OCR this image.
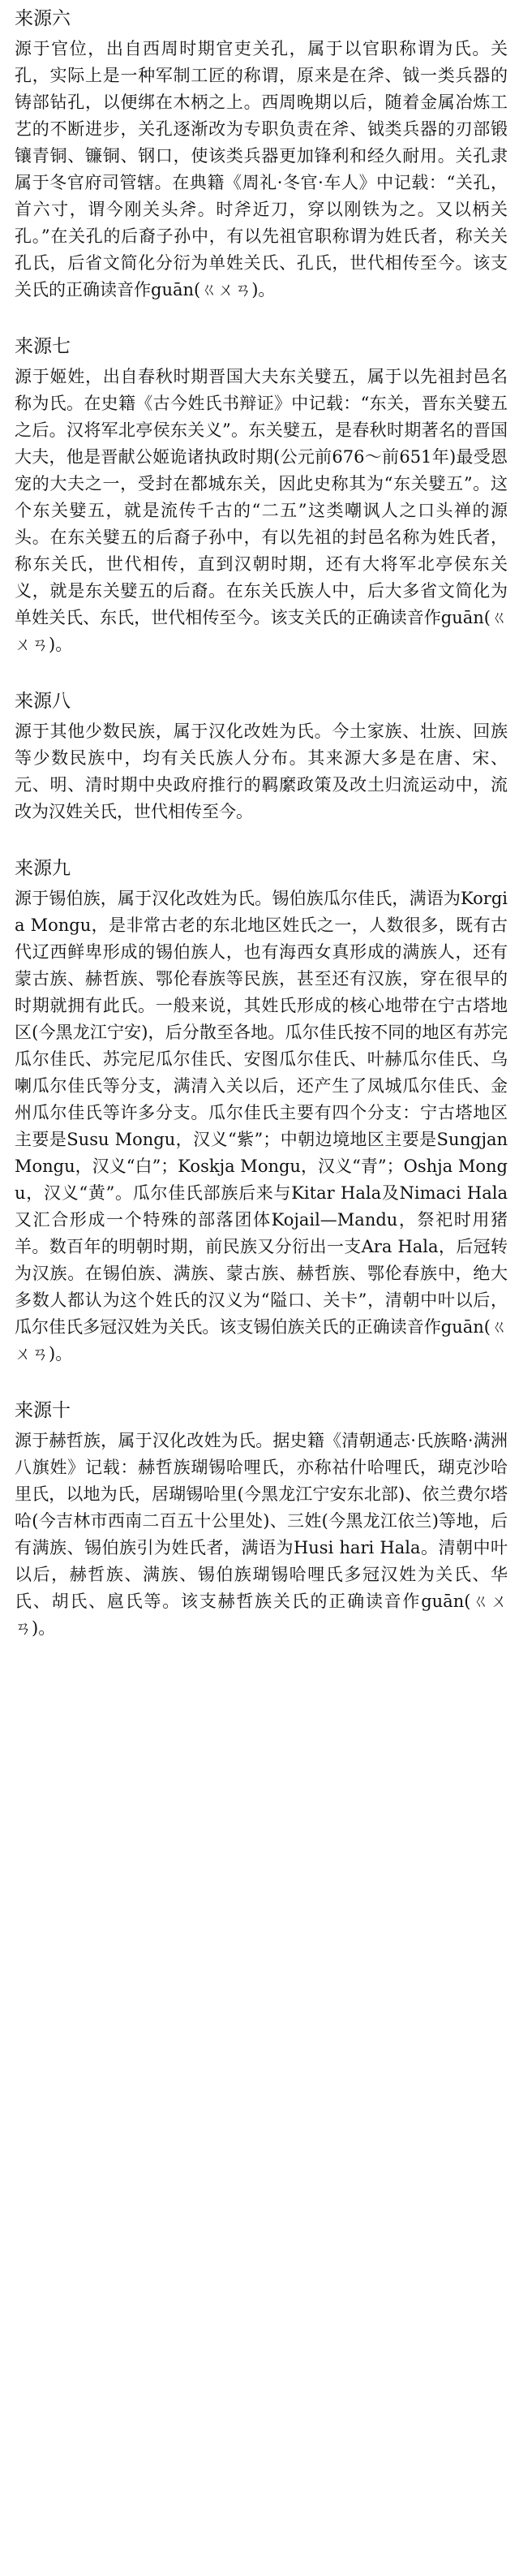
来源六

源于官位，出自西周时期官吏关孔，属于以官职称谓为氏。关孔，实际上是一种军制工匠的称谓，原来是在斧、钺一类兵器的铸部钻孔，以便绑在木柄之上。西周晚期以后，随着金属冶炼工艺的不断进步，关孔逐渐改为专职负责在斧、钺类兵器的刃部锻镶青铜、镰铜、钢口，使该类兵器更加锋利和经久耐用。关孔隶属于冬官府司管辖。在典籍《周礼·冬官·车人》中记载：“关孔，首六寸，谓今刚关头斧。时斧近刀，穿以刚铁为之。又以柄关孔。”在关孔的后裔子孙中，有以先祖官职称谓为姓氏者，称关关孔氏，后省文简化分衍为单姓关氏、孔氏，世代相传至今。该支关氏的正确读音作guān(ㄍㄨㄢ)。

来源七

源于姬姓，出自春秋时期晋国大夫东关嬖五，属于以先祖封邑名称为氏。在史籍《古今姓氏书辩证》中记载：“东关，晋东关嬖五之后。汉将军北亭侯东关义”。东关嬖五，是春秋时期著名的晋国大夫，他是晋献公姬诡诸执政时期(公元前676～前651年)最受恩宠的大夫之一，受封在都城东关，因此史称其为“东关嬖五”。这个东关嬖五，就是流传千古的“二五”这类嘲讽人之口头禅的源头。在东关嬖五的后裔子孙中，有以先祖的封邑名称为姓氏者，称东关氏，世代相传，直到汉朝时期，还有大将军北亭侯东关义，就是东关嬖五的后裔。在东关氏族人中，后大多省文简化为单姓关氏、东氏，世代相传至今。该支关氏的正确读音作guān(ㄍㄨㄢ)。

来源八

源于其他少数民族，属于汉化改姓为氏。今土家族、壮族、回族等少数民族中，均有关氏族人分布。其来源大多是在唐、宋、元、明、清时期中央政府推行的羁縻政策及改土归流运动中，流改为汉姓关氏，世代相传至今。

来源九

源于锡伯族，属于汉化改姓为氏。锡伯族瓜尔佳氏，满语为Korgia Mongu，是非常古老的东北地区姓氏之一，人数很多，既有古代辽西鲜卑形成的锡伯族人，也有海西女真形成的满族人，还有蒙古族、赫哲族、鄂伦春族等民族，甚至还有汉族，穿在很早的时期就拥有此氏。一般来说，其姓氏形成的核心地带在宁古塔地区(今黑龙江宁安)，后分散至各地。瓜尔佳氏按不同的地区有苏完瓜尔佳氏、苏完尼瓜尔佳氏、安图瓜尔佳氏、叶赫瓜尔佳氏、乌喇瓜尔佳氏等分支，满清入关以后，还产生了凤城瓜尔佳氏、金州瓜尔佳氏等许多分支。瓜尔佳氏主要有四个分支：宁古塔地区主要是Susu Mongu，汉义“紫”；中朝边境地区主要是Sungjan Mongu，汉义“白”；Koskja Mongu，汉义“青”；Oshja Mongu，汉义“黄”。瓜尔佳氏部族后来与Kitar Hala及Nimaci Hala又汇合形成一个特殊的部落团体Kojail—Mandu，祭祀时用猪羊。数百年的明朝时期，前民族又分衍出一支Ara Hala，后冠转为汉族。在锡伯族、满族、蒙古族、赫哲族、鄂伦春族中，绝大多数人都认为这个姓氏的汉义为“隘口、关卡”，清朝中叶以后，瓜尔佳氏多冠汉姓为关氏。该支锡伯族关氏的正确读音作guān(ㄍㄨㄢ)。

来源十

源于赫哲族，属于汉化改姓为氏。据史籍《清朝通志·氏族略·满洲八旗姓》记载：赫哲族瑚锡哈哩氏，亦称祜什哈哩氏，瑚克沙哈里氏，以地为氏，居瑚锡哈里(今黑龙江宁安东北部)、依兰费尔塔哈(今吉林市西南二百五十公里处)、三姓(今黑龙江依兰)等地，后有满族、锡伯族引为姓氏者，满语为Husi hari Hala。清朝中叶以后，赫哲族、满族、锡伯族瑚锡哈哩氏多冠汉姓为关氏、华氏、胡氏、扈氏等。该支赫哲族关氏的正确读音作guān(ㄍㄨㄢ)。
